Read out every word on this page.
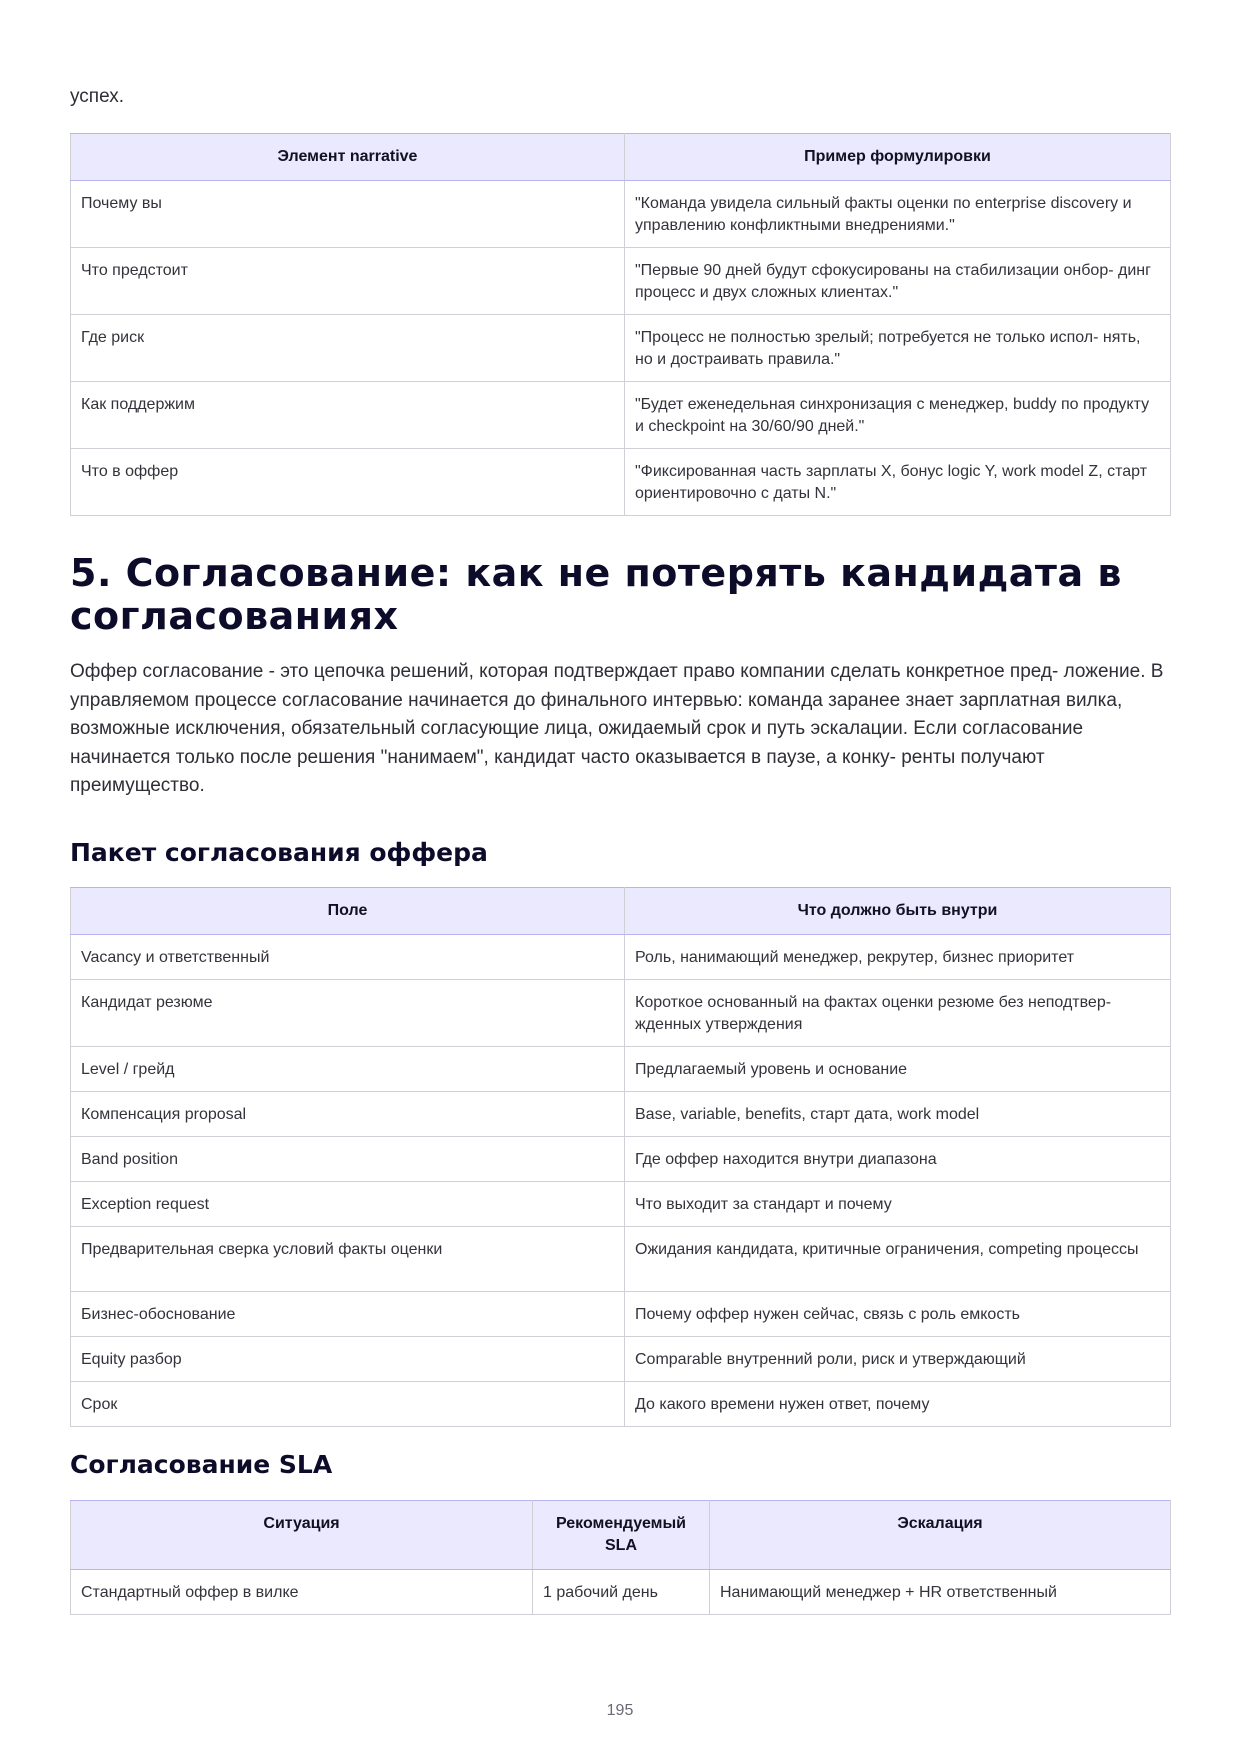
успех.
Элемент narrative	Пример формулировки
Почему вы	"Команда увидела сильный факты оценки по enterprise discovery и управлению конфликтными внедрениями."
Что предстоит	"Первые 90 дней будут сфокусированы на стабилизации онбор- динг процесс и двух сложных клиентах."
Где риск	"Процесс не полностью зрелый; потребуется не только испол- нять, но и достраивать правила."
Как поддержим	"Будет еженедельная синхронизация с менеджер, buddy по продукту и checkpoint на 30/60/90 дней."
Что в оффер	"Фиксированная часть зарплаты X, бонус logic Y, work model Z, старт ориентировочно с даты N."
5. Согласование: как не потерять кандидата в согласованиях

Оффер согласование - это цепочка решений, которая подтверждает право компании сделать конкретное пред- ложение. В управляемом процессе согласование начинается до финального интервью: команда заранее знает зарплатная вилка, возможные исключения, обязательный согласующие лица, ожидаемый срок и путь эскалации. Если согласование начинается только после решения "нанимаем", кандидат часто оказывается в паузе, а конку- ренты получают преимущество.

Пакет согласования оффера
Поле	Что должно быть внутри
Vacancy и ответственный	Роль, нанимающий менеджер, рекрутер, бизнес приоритет
Кандидат резюме	Короткое основанный на фактах оценки резюме без неподтвер- жденных утверждения
Level / грейд	Предлагаемый уровень и основание
Компенсация proposal	Base, variable, benefits, старт дата, work model
Band position	Где оффер находится внутри диапазона
Exception request	Что выходит за стандарт и почему
Предварительная сверка условий факты оценки	Ожидания кандидата, критичные ограничения, competing процессы
Бизнес-обоснование	Почему оффер нужен сейчас, связь с роль емкость
Equity разбор	Comparable внутренний роли, риск и утверждающий
Срок	До какого времени нужен ответ, почему
Согласование SLA
Ситуация	Рекомендуемый SLA	Эскалация
Стандартный оффер в вилке	1 рабочий день	Нанимающий менеджер + HR ответственный
195
